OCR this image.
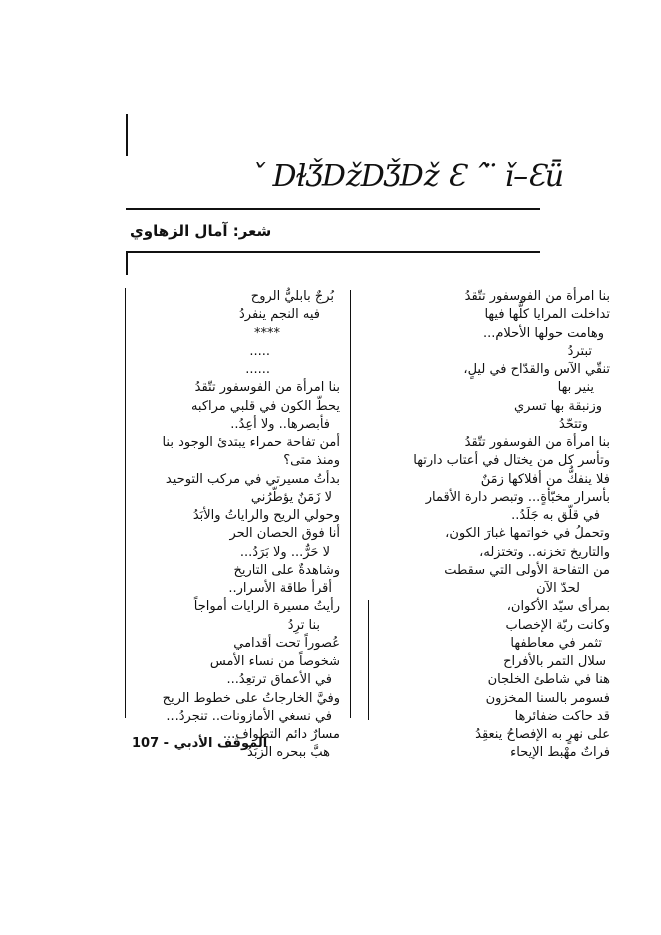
ˇ DɫǮǅDǮǅ Ɛ ˆ ̈ ǐ–Ɛǖ
شعر: آمال الزهاوي
بنا امرأة من الفوسفور تتّقدُ
تداخلت المرايا كلُّها فيها
وهامت حولها الأحلام...
تبتردُ
تنقّي الآس والقدّاح في ليلٍ،
ينير بها
وزنبقة بها تسري
وتتحّدُ
بنا امرأة من الفوسفور تتّقدُ
وتأسر كل من يختال في أعتاب دارتها
فلا ينفكُّ من أفلاكها زمَنٌ
بأسرار مخبّأةٍ... وتبصر دارة الأقمار
في قلّق به جَلَدُ..
وتحملُ في خواتمها غبارَ الكون،
والتاريخ تخزنه.. وتختزله،
من التفاحة الأولى التي سقطت
لحدّ الآن
بمرأى سيّد الأكوان،
وكانت ربّة الإخصاب
تثمر في معاطفها
سلال التمر بالأفراح
هنا في شاطئ الخلجان
فسومر بالسنا المخزون
قد حاكت ضفائرها
على نهرٍ به الإفصاحُ ينعقِدُ
فراتٌ مهْبط الإيحاء
بُرجٌ بابليُّ الروح
فيه النجم ينفردُ
****
.....
......
بنا امرأة من الفوسفور تتّقدُ
يحطّ الكون في قلبي مراكبه
فأبصرها.. ولا أعِدُ..
أمن تفاحة حمراء يبتدئ الوجود بنا
ومنذ متى؟
بدأتُ مسيرتي في مركب التوحيد
لا زَمَنٌ يؤطّرُني
وحولي الريح والراياتُ والأبَدُ
أنا فوق الحصان الحر
لا حَرٌّ... ولا بَرَدُ...
وشاهدةٌ على التاريخ
أقرأ طاقة الأسرار..
رأيتُ مسيرة الرايات أمواجاً
بنا ترِدُ
عُصوراً تحت أقدامي
شخوصاً من نساء الأمس
في الأعماق ترتعِدُ...
وفيَّ الخارجاتُ على خطوط الريح
في نسغي الأمازونات.. تنجردُ...
مسارٌ دائم التطواف...
هبَّ ببحره الزبَدُ
الموقف الأدبي - 107
